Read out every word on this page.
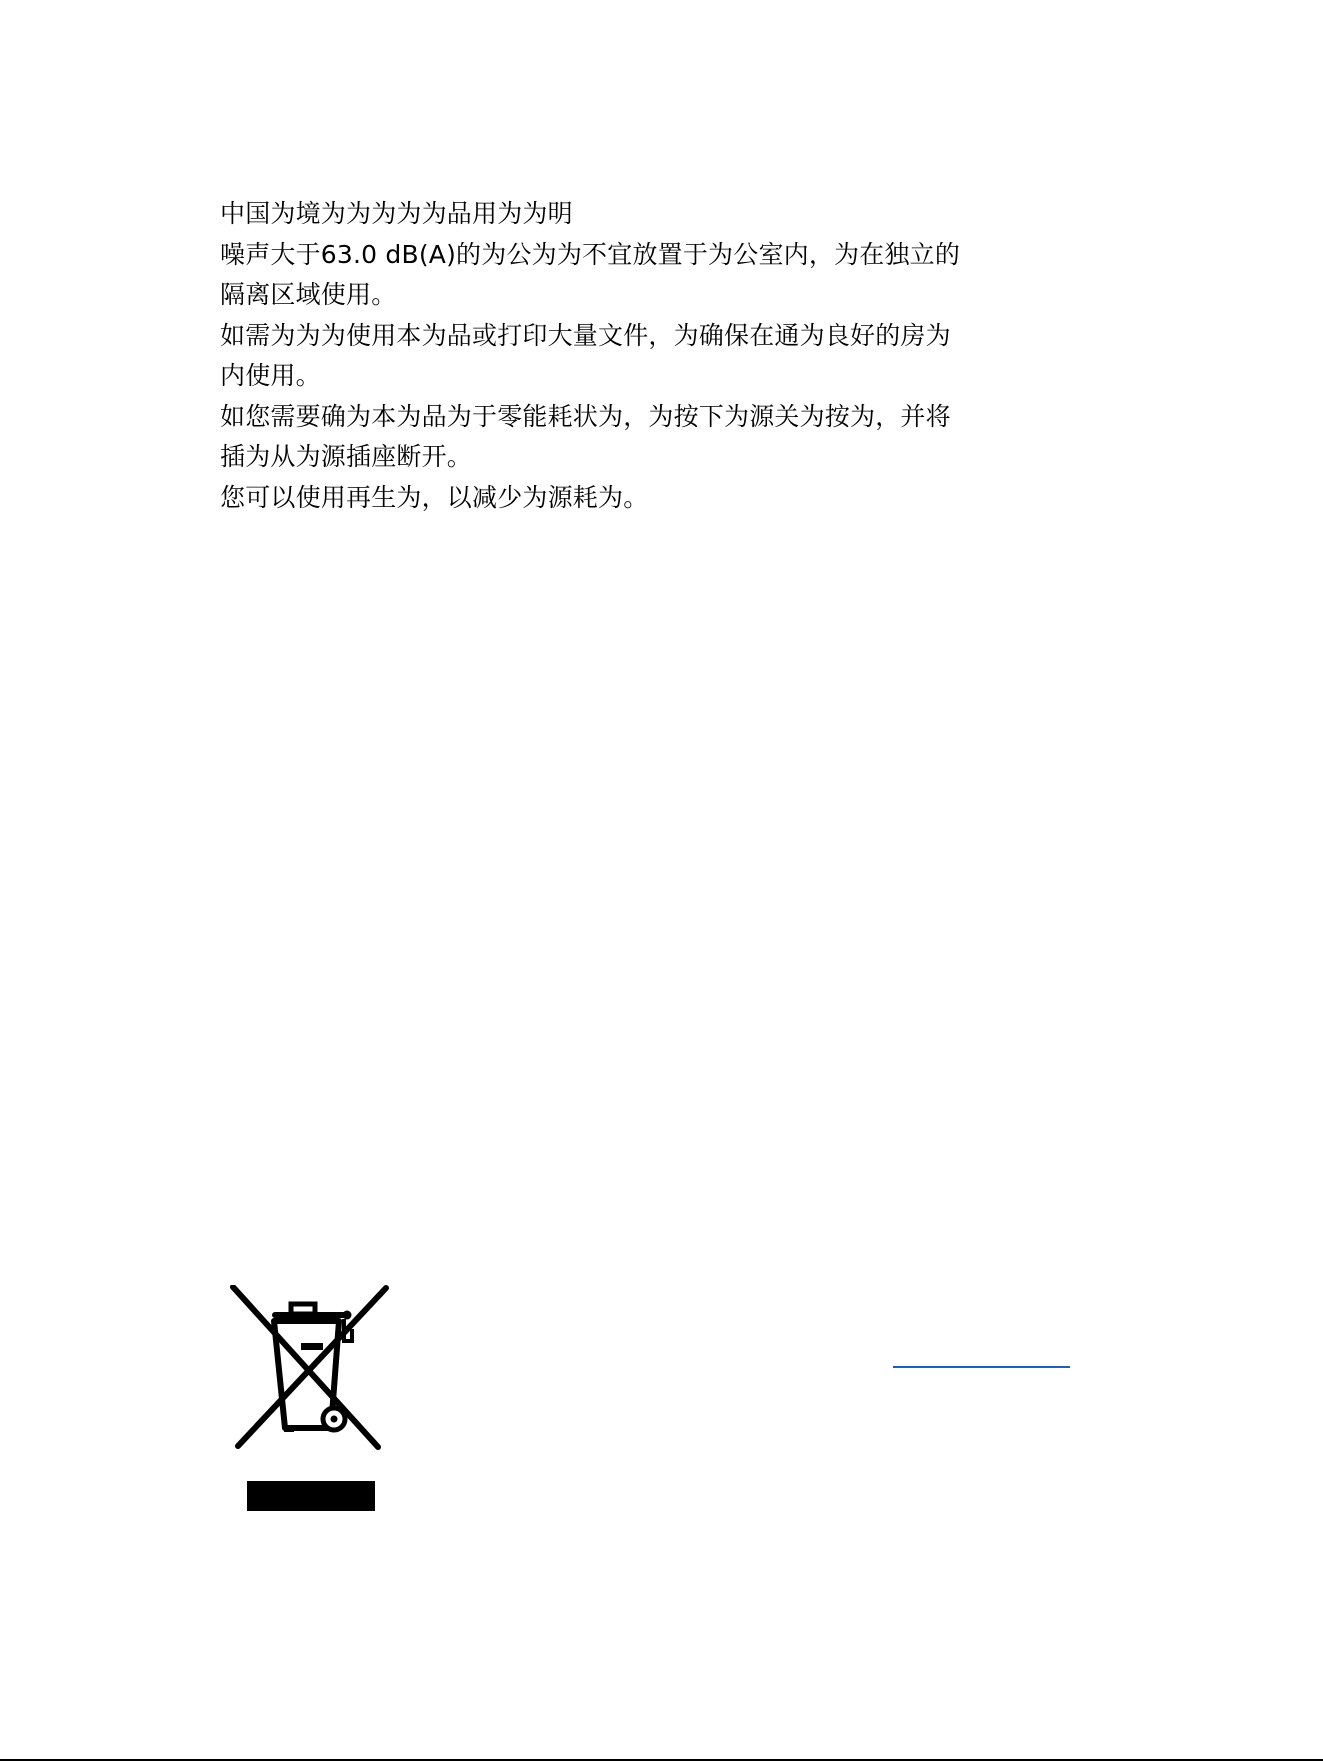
中国为境为为为为为品用为为明
噪声大于63.0 dB(A)的为公为为不宜放置于为公室内，为在独立的
隔离区域使用。
如需为为为使用本为品或打印大量文件，为确保在通为良好的房为
内使用。
如您需要确为本为品为于零能耗状为，为按下为源关为按为，并将
插为从为源插座断开。
您可以使用再生为，以减少为源耗为。
